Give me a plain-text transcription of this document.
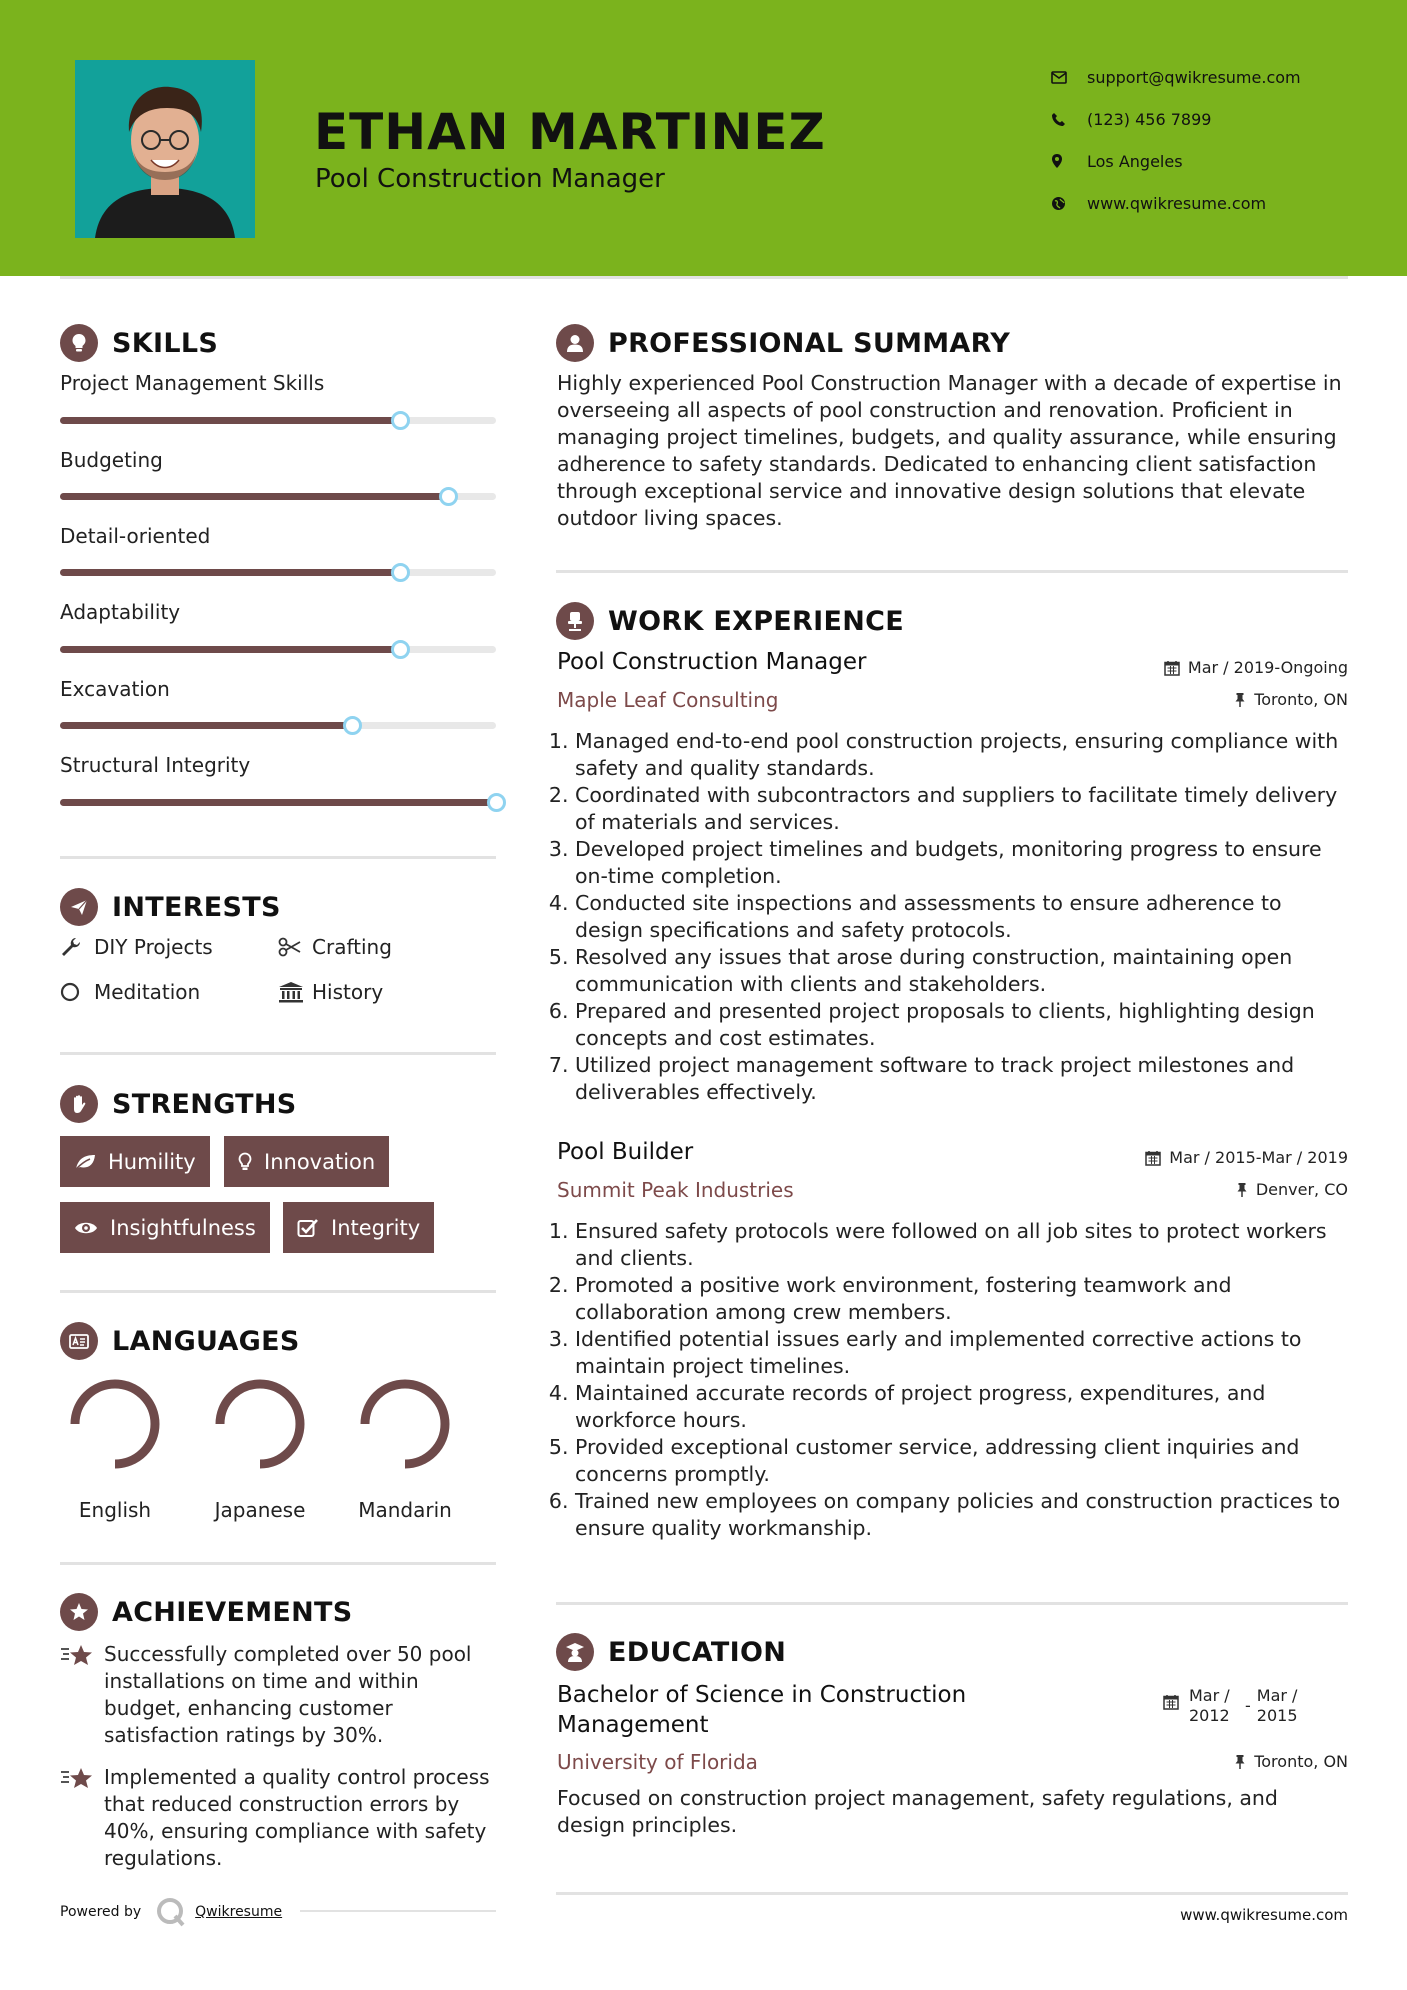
ETHAN MARTINEZ
Pool Construction Manager
support@qwikresume.com
(123) 456 7899
Los Angeles
www.qwikresume.com
SKILLS
Project Management Skills
Budgeting
Detail-oriented
Adaptability
Excavation
Structural Integrity
INTERESTS
DIY Projects	Crafting
Meditation	History
STRENGTHS
Humility	Innovation
Insightfulness	Integrity
LANGUAGES
English	Japanese	Mandarin
ACHIEVEMENTS
Successfully completed over 50 pool installations on time and within budget, enhancing customer satisfaction ratings by 30%.
Implemented a quality control process that reduced construction errors by 40%, ensuring compliance with safety regulations.
Powered by	Qwikresume	www.qwikresume.com
PROFESSIONAL SUMMARY
Highly experienced Pool Construction Manager with a decade of expertise in overseeing all aspects of pool construction and renovation. Proficient in managing project timelines, budgets, and quality assurance, while ensuring adherence to safety standards. Dedicated to enhancing client satisfaction through exceptional service and innovative design solutions that elevate outdoor living spaces.
WORK EXPERIENCE
Pool Construction Manager	Mar / 2019-Ongoing
Maple Leaf Consulting	Toronto, ON
1. Managed end-to-end pool construction projects, ensuring compliance with safety and quality standards.
2. Coordinated with subcontractors and suppliers to facilitate timely delivery of materials and services.
3. Developed project timelines and budgets, monitoring progress to ensure on-time completion.
4. Conducted site inspections and assessments to ensure adherence to design specifications and safety protocols.
5. Resolved any issues that arose during construction, maintaining open communication with clients and stakeholders.
6. Prepared and presented project proposals to clients, highlighting design concepts and cost estimates.
7. Utilized project management software to track project milestones and deliverables effectively.
Pool Builder	Mar / 2015-Mar / 2019
Summit Peak Industries	Denver, CO
1. Ensured safety protocols were followed on all job sites to protect workers and clients.
2. Promoted a positive work environment, fostering teamwork and collaboration among crew members.
3. Identified potential issues early and implemented corrective actions to maintain project timelines.
4. Maintained accurate records of project progress, expenditures, and workforce hours.
5. Provided exceptional customer service, addressing client inquiries and concerns promptly.
6. Trained new employees on company policies and construction practices to ensure quality workmanship.
EDUCATION
Bachelor of Science in Construction Management
Mar / 2012
-
Mar / 2015
University of Florida	Toronto, ON
Focused on construction project management, safety regulations, and design principles.
